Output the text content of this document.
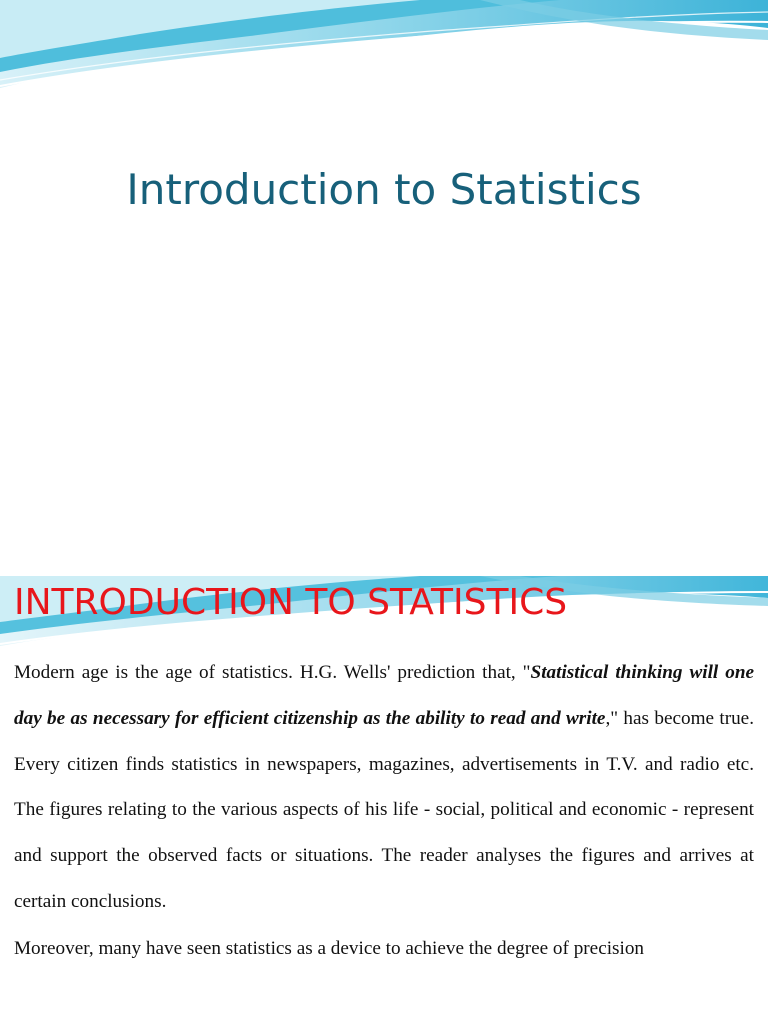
Introduction to Statistics
INTRODUCTION TO STATISTICS

Modern age is the age of statistics. H.G. Wells' prediction that, "Statistical thinking will one day be as necessary for efficient citizenship as the ability to read and write," has become true. Every citizen finds statistics in newspapers, magazines, advertisements in T.V. and radio etc. The figures relating to the various aspects of his life - social, political and economic - represent and support the observed facts or situations. The reader analyses the figures and arrives at certain conclusions.

Moreover, many have seen statistics as a device to achieve the degree of precision
